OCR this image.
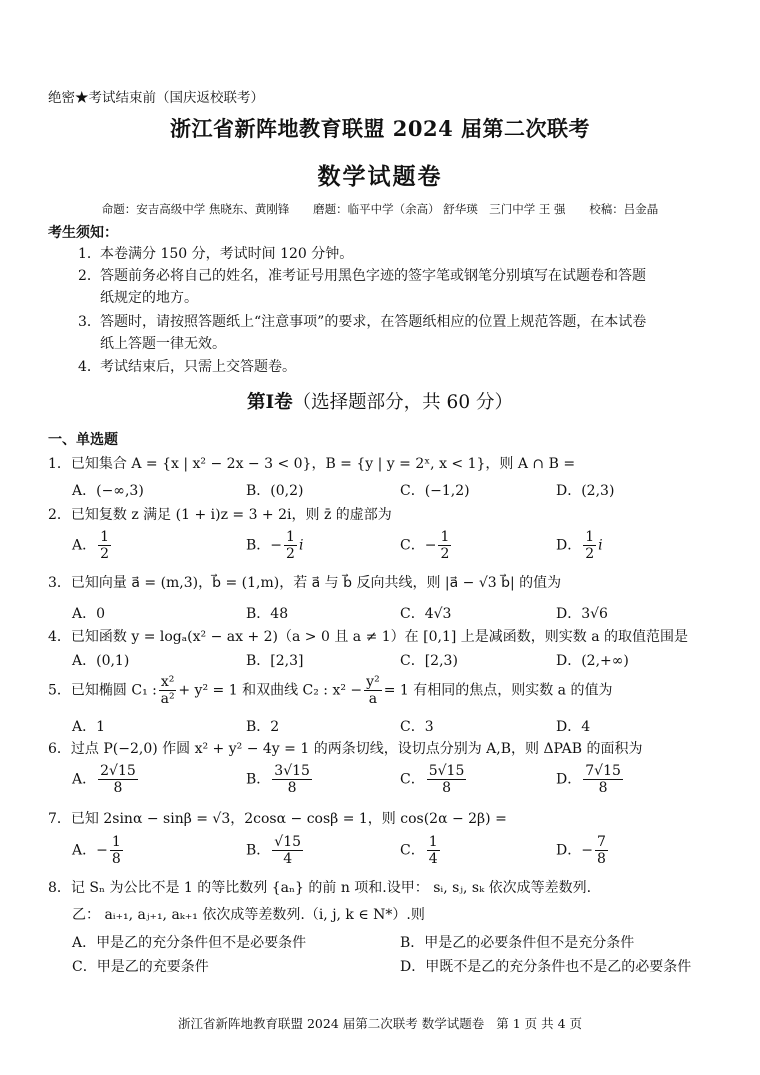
绝密★考试结束前（国庆返校联考）
浙江省新阵地教育联盟 2024 届第二次联考
数学试题卷
命题：安吉高级中学 焦晓东、黄刚锋 磨题：临平中学（余高） 舒华瑛　三门中学 王 强 校稿：吕金晶
考生须知：
1．本卷满分 150 分，考试时间 120 分钟。
2．答题前务必将自己的姓名，准考证号用黑色字迹的签字笔或钢笔分别填写在试题卷和答题
纸规定的地方。
3．答题时，请按照答题纸上“注意事项”的要求，在答题纸相应的位置上规范答题，在本试卷
纸上答题一律无效。
4．考试结束后，只需上交答题卷。
第Ⅰ卷（选择题部分，共 60 分）
一、单选题
1．已知集合 A = {x | x² − 2x − 3 < 0}，B = {y | y = 2ˣ, x < 1}，则 A ∩ B =
A．(−∞,3)	B．(0,2)	C．(−1,2)	D．(2,3)
2．已知复数 z 满足 (1 + i)z = 3 + 2i，则 z̄ 的虚部为
A． $\frac{1}{2}$	B．− $\frac{1}{2}$ i	C．− $\frac{1}{2}$	D． $\frac{1}{2}$ i
3．已知向量 a⃗ = (m,3)，b⃗ = (1,m)，若 a⃗ 与 b⃗ 反向共线，则 |a⃗ − √3 b⃗| 的值为
A．0	B．48	C．4√3	D．3√6
4．已知函数 y = logₐ(x² − ax + 2)（a > 0 且 a ≠ 1）在 [0,1] 上是减函数，则实数 a 的取值范围是
A．(0,1)	B．[2,3]	C．[2,3)	D．(2,+∞)
5．已知椭圆 C₁ : $\frac{\text{x²}}{\text{a²}} + y^2 = 1$ 和双曲线 C₂ : $x^2 - \frac{\text{y²}}{a} = 1$ 有相同的焦点，则实数 a 的值为
A．1	B．2	C．3	D．4
6．过点 P(−2,0) 作圆 x² + y² − 4y = 1 的两条切线，设切点分别为 A,B，则 ΔPAB 的面积为
A． $\frac{2√15}{8}$	B． $\frac{3√15}{8}$	C． $\frac{5√15}{8}$	D． $\frac{7√15}{8}$
7．已知 2sinα − sinβ = √3，2cosα − cosβ = 1，则 cos(2α − 2β) =
A．− $\frac{1}{8}$	B． $\frac{√15}{4}$	C． $\frac{1}{4}$	D．− $\frac{7}{8}$
8．记 Sₙ 为公比不是 1 的等比数列 {aₙ} 的前 n 项和.设甲： sᵢ, sⱼ, sₖ 依次成等差数列.
乙： aᵢ₊₁, aⱼ₊₁, aₖ₊₁ 依次成等差数列.（i, j, k ∈ N*）.则
A．甲是乙的充分条件但不是必要条件	B．甲是乙的必要条件但不是充分条件
C．甲是乙的充要条件	D．甲既不是乙的充分条件也不是乙的必要条件
浙江省新阵地教育联盟 2024 届第二次联考 数学试题卷 第 1 页 共 4 页
